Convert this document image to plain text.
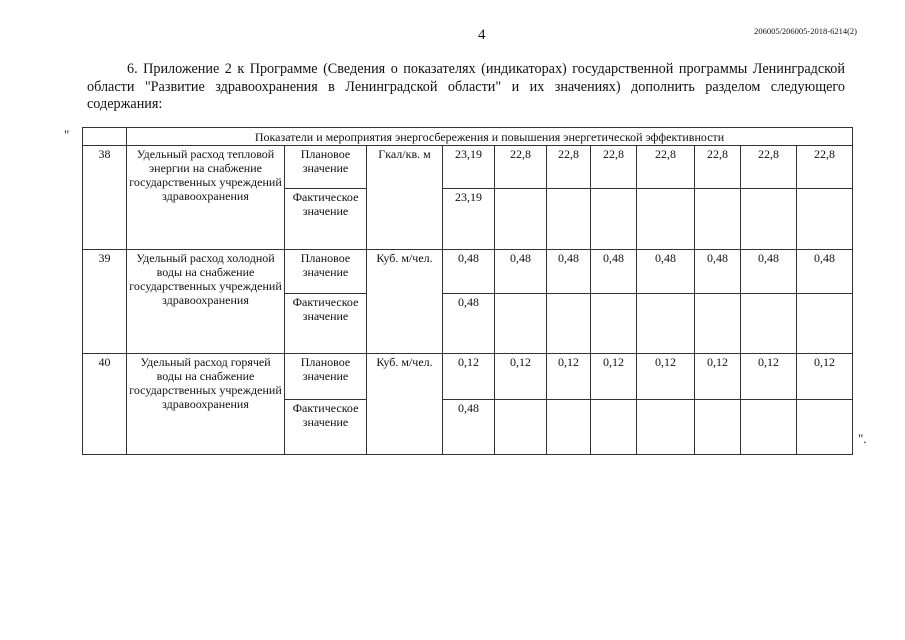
4	206005/206005-2018-6214(2)

6. Приложение 2 к Программе (Сведения о показателях (индикаторах) государственной программы Ленинградской области "Развитие здравоохранения в Ленинградской области" и их значениях) дополнить разделом следующего содержания:

"
".
	Показатели и мероприятия энергосбережения и повышения энергетической эффективности										
38	Удельный расход тепловой энергии на снабжение государственных учреждений здравоохранения	Плановое значение	Гкал/кв. м	23,19	22,8	22,8	22,8	22,8	22,8	22,8	22,8
		Фактическое значение		23,19							
39	Удельный расход холодной воды на снабжение государственных учреждений здравоохранения	Плановое значение	Куб. м/чел.	0,48	0,48	0,48	0,48	0,48	0,48	0,48	0,48
		Фактическое значение		0,48							
40	Удельный расход горячей воды на снабжение государственных учреждений здравоохранения	Плановое значение	Куб. м/чел.	0,12	0,12	0,12	0,12	0,12	0,12	0,12	0,12
		Фактическое значение		0,48							
